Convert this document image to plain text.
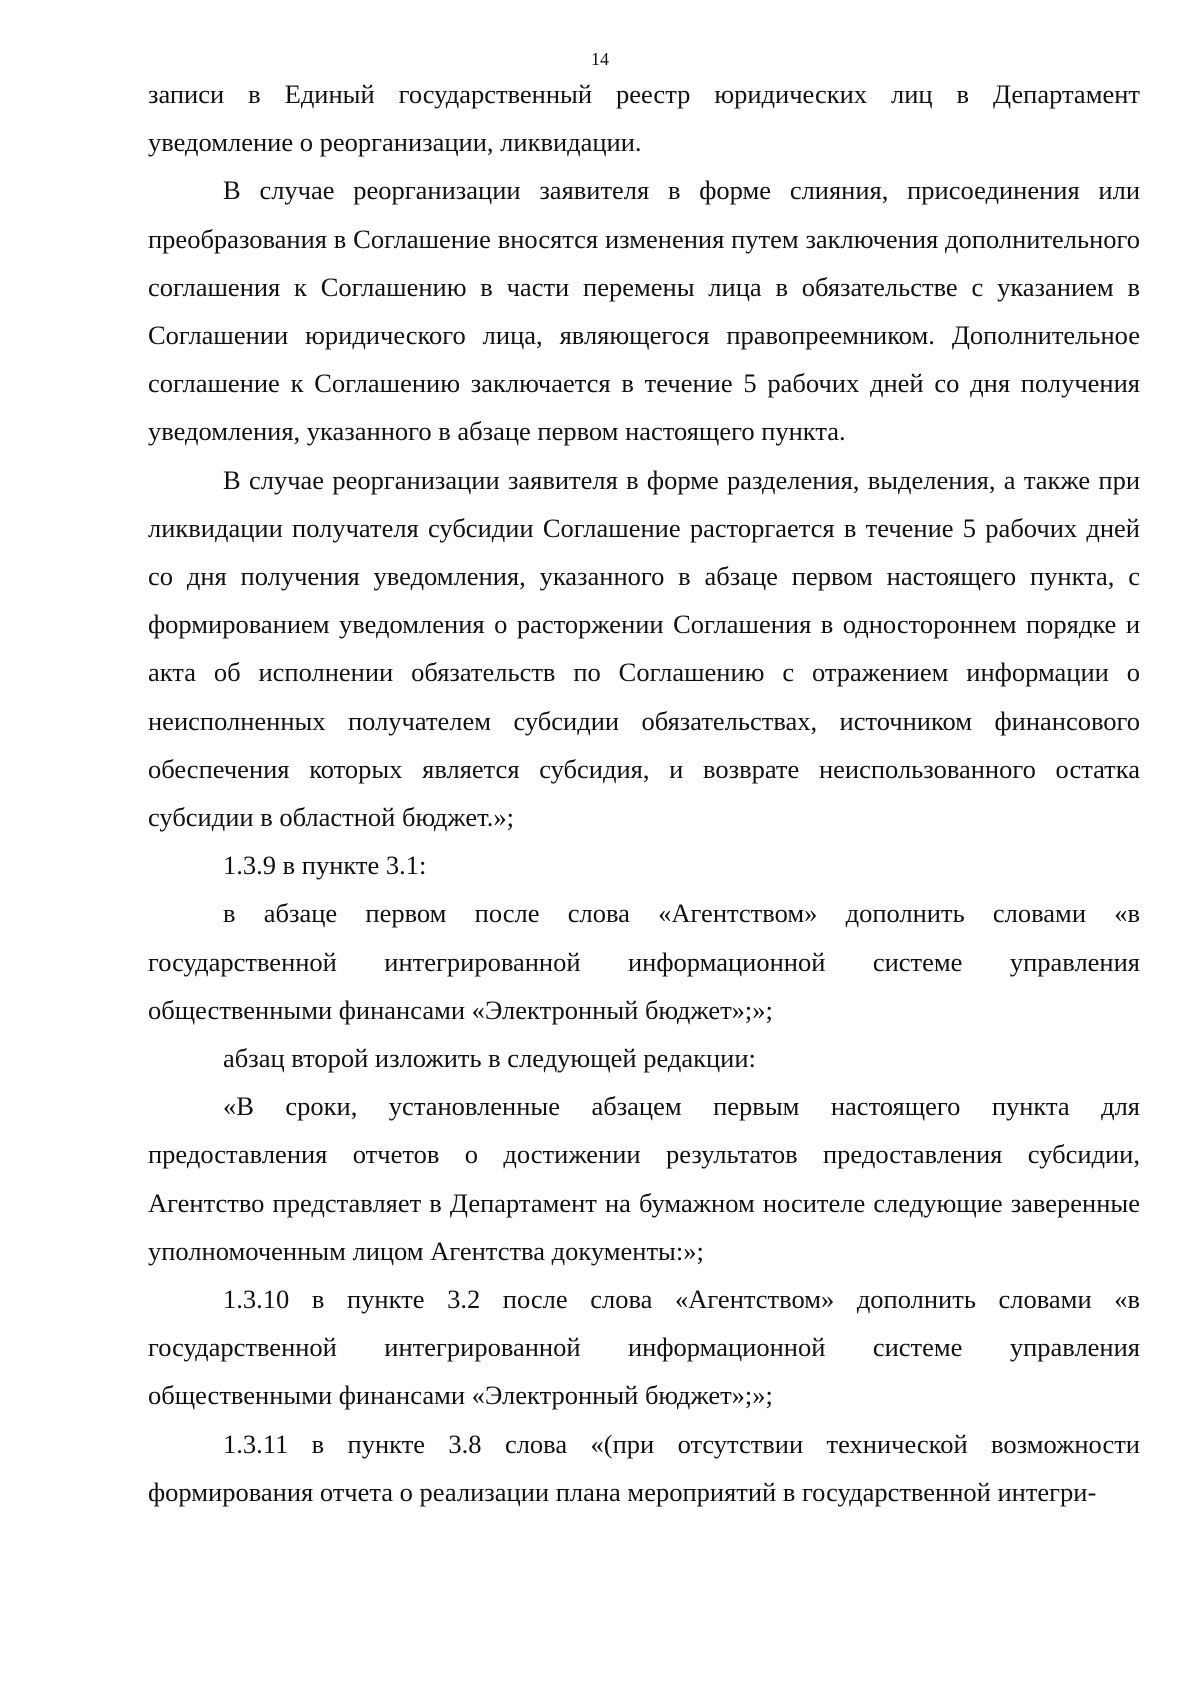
14

записи в Единый государственный реестр юридических лиц в Департамент уведомление о реорганизации, ликвидации.

В случае реорганизации заявителя в форме слияния, присоединения или преобразования в Соглашение вносятся изменения путем заключения дополнительного соглашения к Соглашению в части перемены лица в обязательстве с указанием в Соглашении юридического лица, являющегося правопреемником. Дополнительное соглашение к Соглашению заключается в течение 5 рабочих дней со дня получения уведомления, указанного в абзаце первом настоящего пункта.

В случае реорганизации заявителя в форме разделения, выделения, а также при ликвидации получателя субсидии Соглашение расторгается в течение 5 рабочих дней со дня получения уведомления, указанного в абзаце первом настоящего пункта, с формированием уведомления о расторжении Соглашения в одностороннем порядке и акта об исполнении обязательств по Соглашению с отражением информации о неисполненных получателем субсидии обязательствах, источником финансового обеспечения которых является субсидия, и возврате неиспользованного остатка субсидии в областной бюджет.»;

1.3.9 в пункте 3.1:

в абзаце первом после слова «Агентством» дополнить словами «в государственной интегрированной информационной системе управления общественными финансами «Электронный бюджет»;»;

абзац второй изложить в следующей редакции:

«В сроки, установленные абзацем первым настоящего пункта для предоставления отчетов о достижении результатов предоставления субсидии, Агентство представляет в Департамент на бумажном носителе следующие заверенные уполномоченным лицом Агентства документы:»;

1.3.10 в пункте 3.2 после слова «Агентством» дополнить словами «в государственной интегрированной информационной системе управления общественными финансами «Электронный бюджет»;»;

1.3.11 в пункте 3.8 слова «(при отсутствии технической возможности формирования отчета о реализации плана мероприятий в государственной интегри-
